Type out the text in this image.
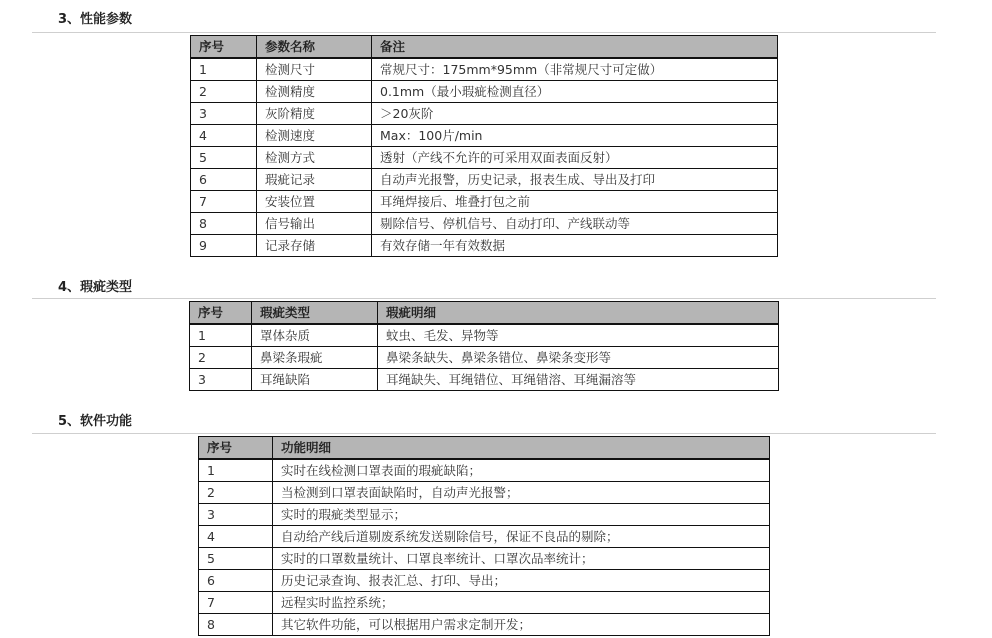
3、性能参数
序号	参数名称	备注
1	检测尺寸	常规尺寸：175mm*95mm（非常规尺寸可定做）
2	检测精度	0.1mm（最小瑕疵检测直径）
3	灰阶精度	＞20灰阶
4	检测速度	Max：100片/min
5	检测方式	透射（产线不允许的可采用双面表面反射）
6	瑕疵记录	自动声光报警，历史记录，报表生成、导出及打印
7	安装位置	耳绳焊接后、堆叠打包之前
8	信号输出	剔除信号、停机信号、自动打印、产线联动等
9	记录存储	有效存储一年有效数据
4、瑕疵类型
序号	瑕疵类型	瑕疵明细
1	罩体杂质	蚊虫、毛发、异物等
2	鼻梁条瑕疵	鼻梁条缺失、鼻梁条错位、鼻梁条变形等
3	耳绳缺陷	耳绳缺失、耳绳错位、耳绳错溶、耳绳漏溶等
5、软件功能
序号	功能明细
1	实时在线检测口罩表面的瑕疵缺陷；
2	当检测到口罩表面缺陷时，自动声光报警；
3	实时的瑕疵类型显示；
4	自动给产线后道剔废系统发送剔除信号，保证不良品的剔除；
5	实时的口罩数量统计、口罩良率统计、口罩次品率统计；
6	历史记录查询、报表汇总、打印、导出；
7	远程实时监控系统；
8	其它软件功能，可以根据用户需求定制开发；
